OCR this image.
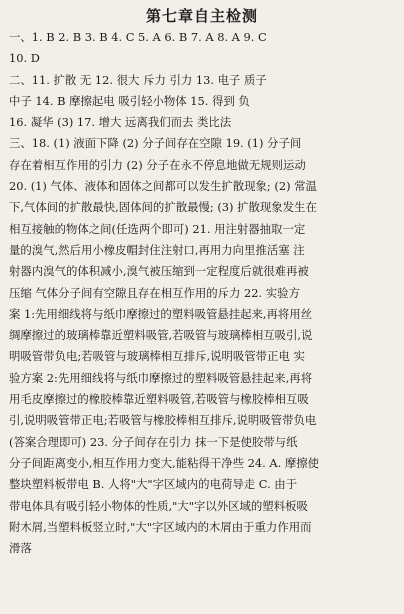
第七章自主检测
一、1. B 2. B 3. B 4. C 5. A 6. B 7. A 8. A 9. C
10. D
二、11. 扩散 无 12. 很大 斥力 引力 13. 电子 质子
中子 14. B 摩擦起电 吸引轻小物体 15. 得到 负
16. 凝华 (3) 17. 增大 远离我们而去 类比法
三、18. (1) 液面下降 (2) 分子间存在空隙 19. (1) 分子间
存在着相互作用的引力 (2) 分子在永不停息地做无规则运动
20. (1) 气体、液体和固体之间都可以发生扩散现象; (2) 常温
下,气体间的扩散最快,固体间的扩散最慢; (3) 扩散现象发生在
相互接触的物体之间(任选两个即可) 21. 用注射器抽取一定
量的溴气,然后用小橡皮帽封住注射口,再用力向里推活塞 注
射器内溴气的体积减小,溴气被压缩到一定程度后就很难再被
压缩 气体分子间有空隙且存在相互作用的斥力 22. 实验方
案 1:先用细线将与纸巾摩擦过的塑料吸管悬挂起来,再将用丝
绸摩擦过的玻璃棒靠近塑料吸管,若吸管与玻璃棒相互吸引,说
明吸管带负电;若吸管与玻璃棒相互排斥,说明吸管带正电 实
验方案 2:先用细线将与纸巾摩擦过的塑料吸管悬挂起来,再将
用毛皮摩擦过的橡胶棒靠近塑料吸管,若吸管与橡胶棒相互吸
引,说明吸管带正电;若吸管与橡胶棒相互排斥,说明吸管带负电
(答案合理即可) 23. 分子间存在引力 抹一下是使胶带与纸
分子间距离变小,相互作用力变大,能粘得干净些 24. A. 摩擦使
整块塑料板带电 B. 人将"大"字区域内的电荷导走 C. 由于
带电体具有吸引轻小物体的性质,"大"字以外区域的塑料板吸
附木屑,当塑料板竖立时,"大"字区域内的木屑由于重力作用而
滑落
